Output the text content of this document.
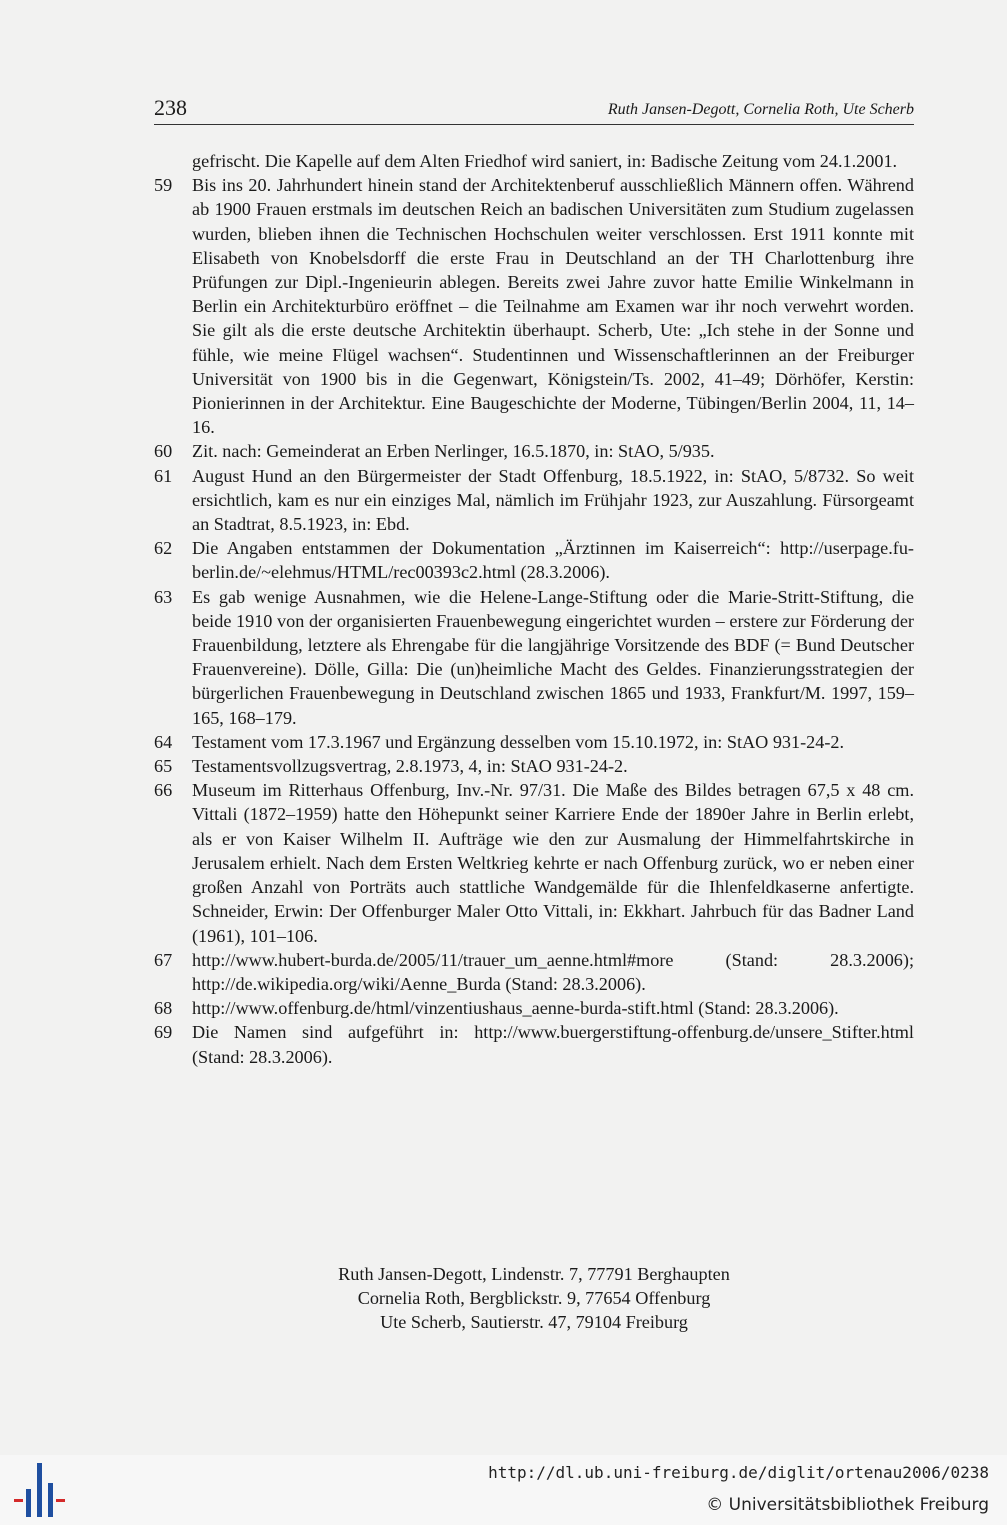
238	Ruth Jansen-Degott, Cornelia Roth, Ute Scherb
gefrischt. Die Kapelle auf dem Alten Friedhof wird saniert, in: Badische Zeitung vom 24.1.2001.
59	Bis ins 20. Jahrhundert hinein stand der Architektenberuf ausschließlich Männern offen. Während ab 1900 Frauen erstmals im deutschen Reich an badischen Universitäten zum Studium zugelassen wurden, blieben ihnen die Technischen Hochschulen weiter verschlossen. Erst 1911 konnte mit Elisabeth von Knobelsdorff die erste Frau in Deutschland an der TH Charlottenburg ihre Prüfungen zur Dipl.-Ingenieurin ablegen. Bereits zwei Jahre zuvor hatte Emilie Winkelmann in Berlin ein Architekturbüro eröffnet – die Teilnahme am Examen war ihr noch verwehrt worden. Sie gilt als die erste deutsche Architektin überhaupt. Scherb, Ute: „Ich stehe in der Sonne und fühle, wie meine Flügel wachsen“. Studentinnen und Wissenschaftlerinnen an der Freiburger Universität von 1900 bis in die Gegenwart, Königstein/Ts. 2002, 41–49; Dörhöfer, Kerstin: Pionierinnen in der Architektur. Eine Baugeschichte der Moderne, Tübingen/Berlin 2004, 11, 14–16.
60	Zit. nach: Gemeinderat an Erben Nerlinger, 16.5.1870, in: StAO, 5/935.
61	August Hund an den Bürgermeister der Stadt Offenburg, 18.5.1922, in: StAO, 5/8732. So weit ersichtlich, kam es nur ein einziges Mal, nämlich im Frühjahr 1923, zur Auszahlung. Fürsorgeamt an Stadtrat, 8.5.1923, in: Ebd.
62	Die Angaben entstammen der Dokumentation „Ärztinnen im Kaiserreich“: http://userpage.fu-berlin.de/~elehmus/HTML/rec00393c2.html (28.3.2006).
63	Es gab wenige Ausnahmen, wie die Helene-Lange-Stiftung oder die Marie-Stritt-Stiftung, die beide 1910 von der organisierten Frauenbewegung eingerichtet wurden – erstere zur Förderung der Frauenbildung, letztere als Ehrengabe für die langjährige Vorsitzende des BDF (= Bund Deutscher Frauenvereine). Dölle, Gilla: Die (un)heimliche Macht des Geldes. Finanzierungsstrategien der bürgerlichen Frauenbewegung in Deutschland zwischen 1865 und 1933, Frankfurt/M. 1997, 159–165, 168–179.
64	Testament vom 17.3.1967 und Ergänzung desselben vom 15.10.1972, in: StAO 931-24-2.
65	Testamentsvollzugsvertrag, 2.8.1973, 4, in: StAO 931-24-2.
66	Museum im Ritterhaus Offenburg, Inv.-Nr. 97/31. Die Maße des Bildes betragen 67,5 x 48 cm. Vittali (1872–1959) hatte den Höhepunkt seiner Karriere Ende der 1890er Jahre in Berlin erlebt, als er von Kaiser Wilhelm II. Aufträge wie den zur Ausmalung der Himmelfahrtskirche in Jerusalem erhielt. Nach dem Ersten Weltkrieg kehrte er nach Offenburg zurück, wo er neben einer großen Anzahl von Porträts auch stattliche Wandgemälde für die Ihlenfeldkaserne anfertigte. Schneider, Erwin: Der Offenburger Maler Otto Vittali, in: Ekkhart. Jahrbuch für das Badner Land (1961), 101–106.
67	http://www.hubert-burda.de/2005/11/trauer_um_aenne.html#more (Stand: 28.3.2006); http://de.wikipedia.org/wiki/Aenne_Burda (Stand: 28.3.2006).
68	http://www.offenburg.de/html/vinzentiushaus_aenne-burda-stift.html (Stand: 28.3.2006).
69	Die Namen sind aufgeführt in: http://www.buergerstiftung-offenburg.de/unsere_Stifter.html (Stand: 28.3.2006).
Ruth Jansen-Degott, Lindenstr. 7, 77791 Berghaupten
Cornelia Roth, Bergblickstr. 9, 77654 Offenburg
Ute Scherb, Sautierstr. 47, 79104 Freiburg
http://dl.ub.uni-freiburg.de/diglit/ortenau2006/0238
© Universitätsbibliothek Freiburg
